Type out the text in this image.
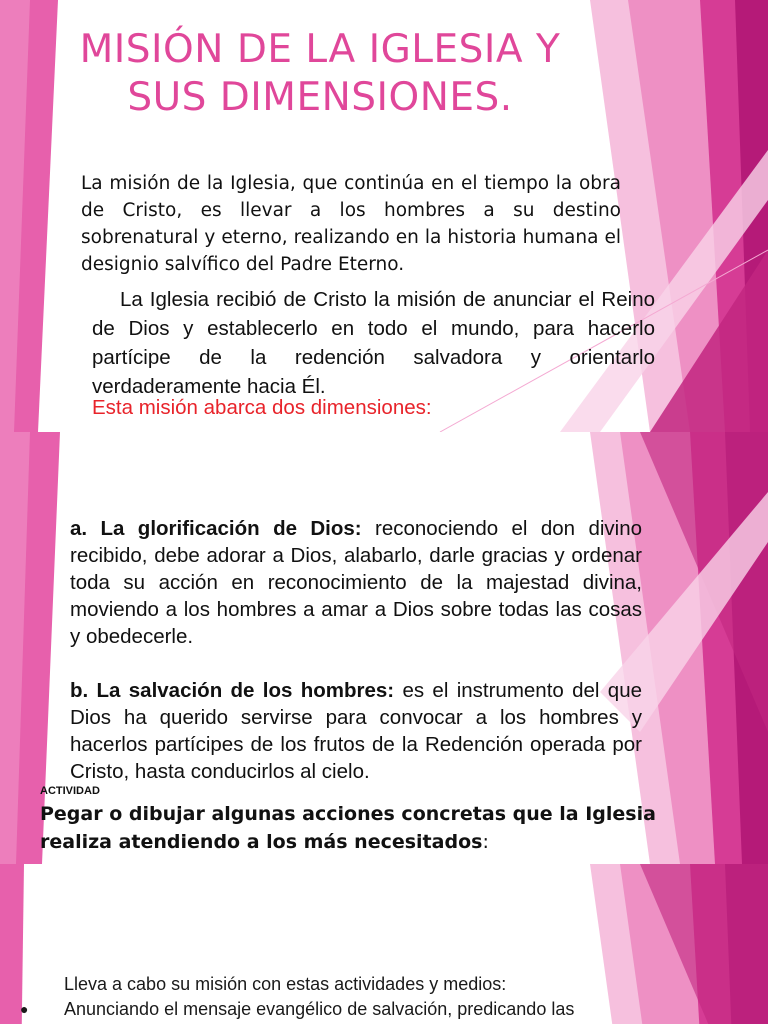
MISIÓN DE LA IGLESIA Y
SUS DIMENSIONES.

La misión de la Iglesia, que continúa en el tiempo la obra de Cristo, es llevar a los hombres a su destino sobrenatural y eterno, realizando en la historia humana el designio salvífico del Padre Eterno.

La Iglesia recibió de Cristo la misión de anunciar el Reino de Dios y establecerlo en todo el mundo, para hacerlo partícipe de la redención salvadora y orientarlo verdaderamente hacia Él.

Esta misión abarca dos dimensiones:

a. La glorificación de Dios: reconociendo el don divino recibido, debe adorar a Dios, alabarlo, darle gracias y ordenar toda su acción en reconocimiento de la majestad divina, moviendo a los hombres a amar a Dios sobre todas las cosas y obedecerle.

b. La salvación de los hombres: es el instrumento del que Dios ha querido servirse para convocar a los hombres y hacerlos partícipes de los frutos de la Redención operada por Cristo, hasta conducirlos al cielo.

ACTIVIDAD

Pegar o dibujar algunas acciones concretas que la Iglesia realiza atendiendo a los más necesitados:

Lleva a cabo su misión con estas actividades y medios:

●	Anunciando el mensaje evangélico de salvación, predicando las
